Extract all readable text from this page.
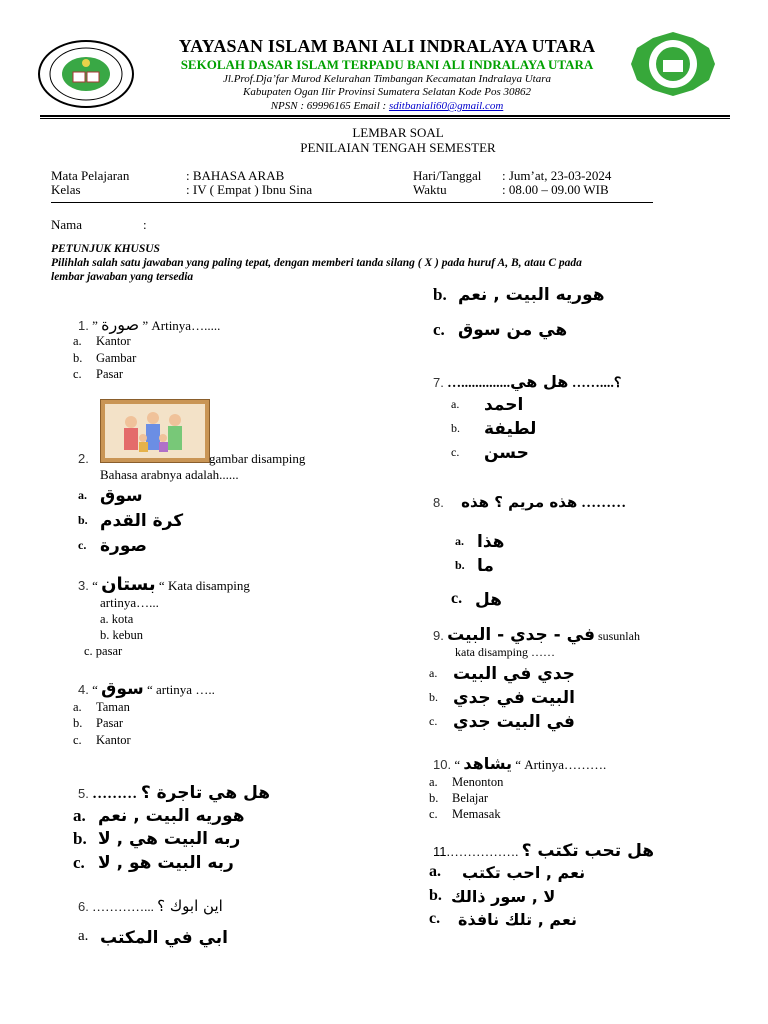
YAYASAN ISLAM BANI ALI INDRALAYA UTARA
SEKOLAH DASAR ISLAM TERPADU BANI ALI INDRALAYA UTARA
Jl.Prof.Dja’far Murod Kelurahan Timbangan Kecamatan Indralaya Utara
Kabupaten Ogan Ilir Provinsi Sumatera Selatan Kode Pos 30862
NPSN : 69996165 Email : sditbaniali60@gmail.com
LEMBAR SOAL
PENILAIAN TENGAH SEMESTER
Mata Pelajaran	: BAHASA ARAB
Kelas	: IV ( Empat ) Ibnu Sina
Hari/Tanggal : Jum’at, 23-03-2024
Waktu	: 08.00 – 09.00 WIB
Nama	:
PETUNJUK KHUSUS
Pilihlah salah satu jawaban yang paling tepat, dengan memberi tanda silang ( X ) pada huruf A, B, atau C pada
lembar jawaban yang tersedia
1. ” صورة ” Artinya….....
a. Kantor
b. Gambar
c. Pasar
2.	gambar disamping
Bahasa arabnya adalah......
a. سوق
b. كرة القدم
c. صورة
3. “ بستان “ Kata disamping
artinya…...
a. kota
b. kebun
c. pasar
4. “ سوق “ artinya …..
a. Taman
b. Pasar
c. Kantor
5. ……… هل هي تاجرة ؟
a. هوريه البيت , نعم
b. ربه البيت هي , لا
c. ربه البيت هو , لا
6. …………... اين ابوك ؟
a. ابي في المكتب
b. هوريه البيت , نعم
c. هي من سوق
7. …..............هل هي ……....؟
a. احمد
b. لطيفة
c. حسن
8. هذه مريم ؟ هذه ………
a. هذا
b. ما
c. هل
9. في - جدي - البيت susunlah
kata disamping ……
a. جدي في البيت
b. البيت في جدي
c. في البيت جدي
10. “ يشاهد “ Artinya……….
a. Menonton
b. Belajar
c. Memasak
11.……………. هل تحب تكتب ؟
a. نعم , احب تكتب
b. لا , سور ذالك
c. نعم , تلك نافذة
